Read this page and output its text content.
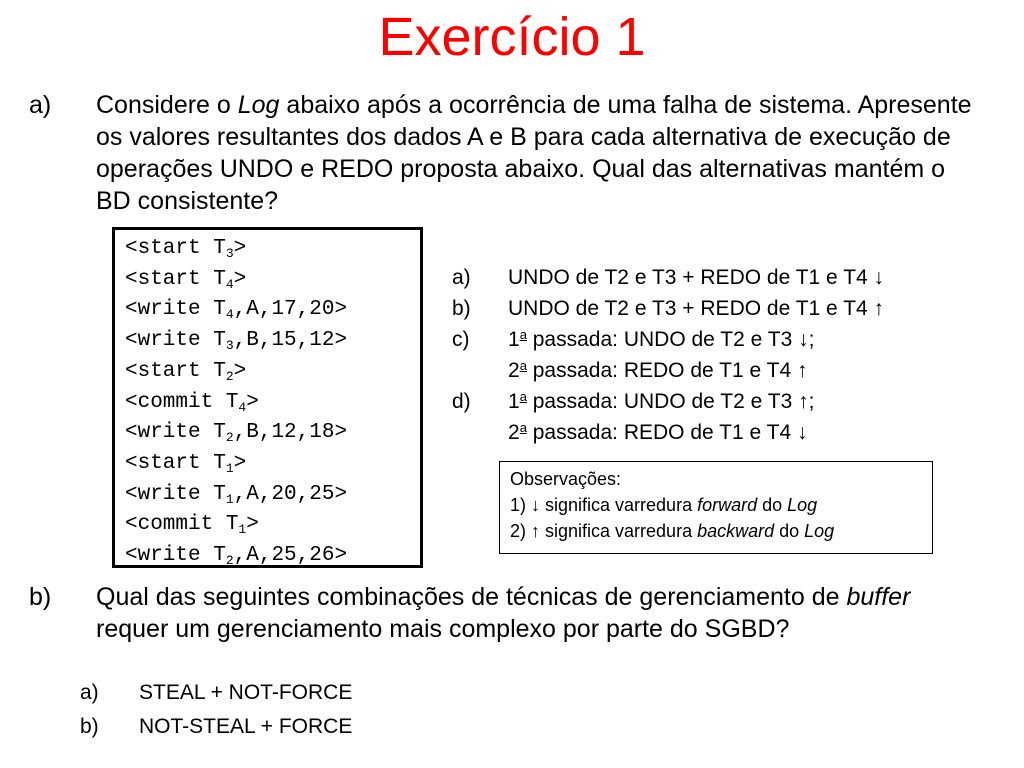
Exercício 1
a) Considere o Log abaixo após a ocorrência de uma falha de sistema. Apresente os valores resultantes dos dados A e B para cada alternativa de execução de operações UNDO e REDO proposta abaixo. Qual das alternativas mantém o BD consistente?
<start $T_3>$
<start $T_4>$
<write $T_4,A,17,20>$
<write $T_3,B,15,12>$
<start $T_2>$
<commit $T_4>$
<write $T_2,B,12,18>$
<start $T_1>$
<write $T_1,A,20,25>$
<commit $T_1>$
<write $T_2,A,25,26>$
a) UNDO de T2 e T3 + REDO de T1 e T4 ↓
b) UNDO de T2 e T3 + REDO de T1 e T4 ↑
c) 1$^a$ passada: UNDO de T2 e T3 ↓;
2$^a$ passada: REDO de T1 e T4 ↑
d) 1$^a$ passada: UNDO de T2 e T3 ↑;
2$^a$ passada: REDO de T1 e T4 ↓
Observações:
1) ↓ significa varredura forward do Log
2) ↑ significa varredura backward do Log
b) Qual das seguintes combinações de técnicas de gerenciamento de buffer requer um gerenciamento mais complexo por parte do SGBD?
a) STEAL + NOT-FORCE
b) NOT-STEAL + FORCE
